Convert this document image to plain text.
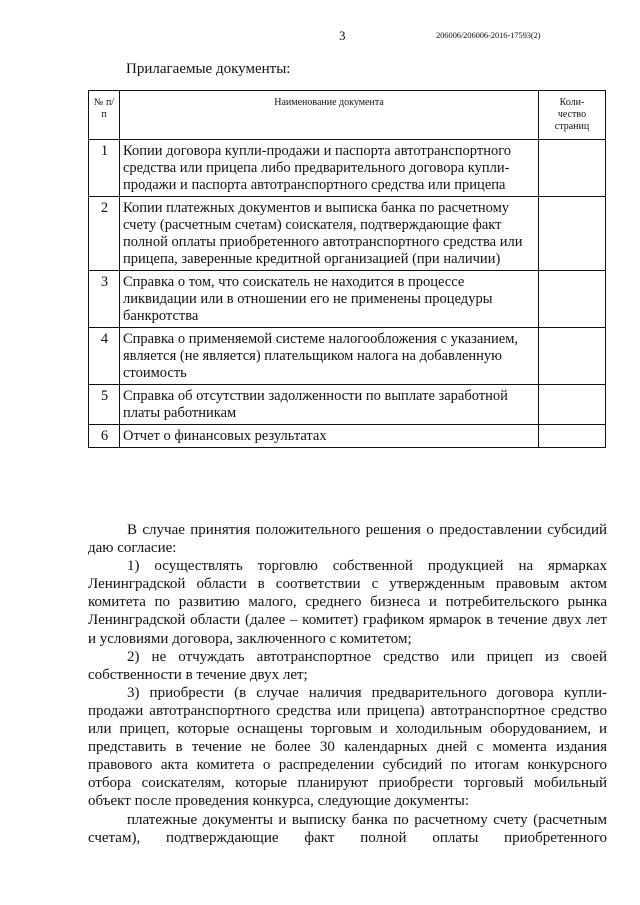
3	206006/206006-2016-17593(2)
Прилагаемые документы:
№ п/п	Наименование документа	Коли-чество страниц
1	Копии договора купли-продажи и паспорта автотранспортного средства или прицепа либо предварительного договора купли-продажи и паспорта автотранспортного средства или прицепа	
2	Копии платежных документов и выписка банка по расчетному счету (расчетным счетам) соискателя, подтверждающие факт полной оплаты приобретенного автотранспортного средства или прицепа, заверенные кредитной организацией (при наличии)	
3	Справка о том, что соискатель не находится в процессе ликвидации или в отношении его не применены процедуры банкротства	
4	Справка о применяемой системе налогообложения с указанием, является (не является) плательщиком налога на добавленную стоимость	
5	Справка об отсутствии задолженности по выплате заработной платы работникам	
6	Отчет о финансовых результатах	

В случае принятия положительного решения о предоставлении субсидий даю согласие:

1) осуществлять торговлю собственной продукцией на ярмарках Ленинградской области в соответствии с утвержденным правовым актом комитета по развитию малого, среднего бизнеса и потребительского рынка Ленинградской области (далее – комитет) графиком ярмарок в течение двух лет и условиями договора, заключенного с комитетом;

2) не отчуждать автотранспортное средство или прицеп из своей собственности в течение двух лет;

3) приобрести (в случае наличия предварительного договора купли-продажи автотранспортного средства или прицепа) автотранспортное средство или прицеп, которые оснащены торговым и холодильным оборудованием, и представить в течение не более 30 календарных дней с момента издания правового акта комитета о распределении субсидий по итогам конкурсного отбора соискателям, которые планируют приобрести торговый мобильный объект после проведения конкурса, следующие документы:

платежные документы и выписку банка по расчетному счету (расчетным счетам), подтверждающие факт полной оплаты приобретенного
